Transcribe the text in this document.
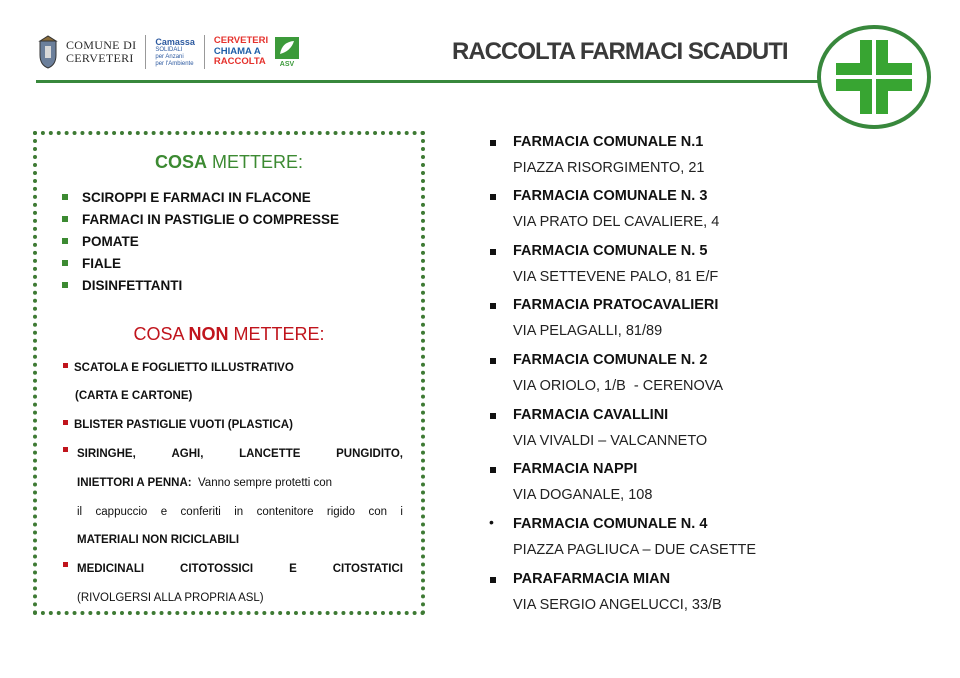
COMUNE DI
CERVETERI
Camassa
SOLIDALI
per Anzani
per l'Ambiente
CERVETERI
CHIAMA A
RACCOLTA	ASV	RACCOLTA FARMACI SCADUTI
COSA METTERE:
SCIROPPI E FARMACI IN FLACONE
FARMACI IN PASTIGLIE O COMPRESSE
POMATE
FIALE
DISINFETTANTI
COSA NON METTERE:
SCATOLA E FOGLIETTO ILLUSTRATIVO
(CARTA E CARTONE)
BLISTER PASTIGLIE VUOTI (PLASTICA)
SIRINGHE,	AGHI,	LANCETTE	PUNGIDITO,
INIETTORI A PENNA: Vanno sempre protetti con
il cappuccio e conferiti in contenitore rigido con i
MATERIALI NON RICICLABILI
MEDICINALI	CITOTOSSICI	E	CITOSTATICI
(RIVOLGERSI ALLA PROPRIA ASL)
FARMACIA COMUNALE N.1
PIAZZA RISORGIMENTO, 21
FARMACIA COMUNALE N. 3
VIA PRATO DEL CAVALIERE, 4
FARMACIA COMUNALE N. 5
VIA SETTEVENE PALO, 81 E/F
FARMACIA PRATOCAVALIERI
VIA PELAGALLI, 81/89
FARMACIA COMUNALE N. 2
VIA ORIOLO, 1/B  - CERENOVA
FARMACIA CAVALLINI
VIA VIVALDI – VALCANNETO
FARMACIA NAPPI
VIA DOGANALE, 108
• FARMACIA COMUNALE N. 4
PIAZZA PAGLIUCA – DUE CASETTE
PARAFARMACIA MIAN
VIA SERGIO ANGELUCCI, 33/B
